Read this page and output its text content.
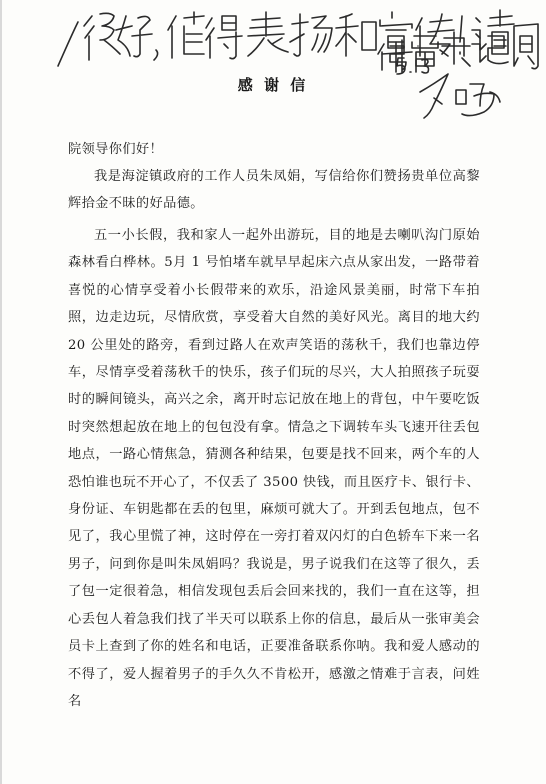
感 谢 信

院领导你们好！

我是海淀镇政府的工作人员朱凤娟，写信给你们赞扬贵单位高黎辉拾金不昧的好品德。

五一小长假，我和家人一起外出游玩，目的地是去喇叭沟门原始森林看白桦林。5月 1 号怕堵车就早早起床六点从家出发，一路带着喜悦的心情享受着小长假带来的欢乐，沿途风景美丽，时常下车拍照，边走边玩，尽情欣赏，享受着大自然的美好风光。离目的地大约 20 公里处的路旁，看到过路人在欢声笑语的荡秋千，我们也靠边停车，尽情享受着荡秋千的快乐，孩子们玩的尽兴，大人拍照孩子玩耍时的瞬间镜头，高兴之余，离开时忘记放在地上的背包，中午要吃饭时突然想起放在地上的包包没有拿。情急之下调转车头飞速开往丢包地点，一路心情焦急，猜测各种结果，包要是找不回来，两个车的人恐怕谁也玩不开心了，不仅丢了 3500 快钱，而且医疗卡、银行卡、身份证、车钥匙都在丢的包里，麻烦可就大了。开到丢包地点，包不见了，我心里慌了神，这时停在一旁打着双闪灯的白色轿车下来一名男子，问到你是叫朱凤娟吗？我说是，男子说我们在这等了很久，丢了包一定很着急，相信发现包丢后会回来找的，我们一直在这等，担心丢包人着急我们找了半天可以联系上你的信息，最后从一张审美会员卡上查到了你的姓名和电话，正要准备联系你呐。我和爱人感动的不得了，爱人握着男子的手久久不肯松开，感激之情难于言表，问姓名
